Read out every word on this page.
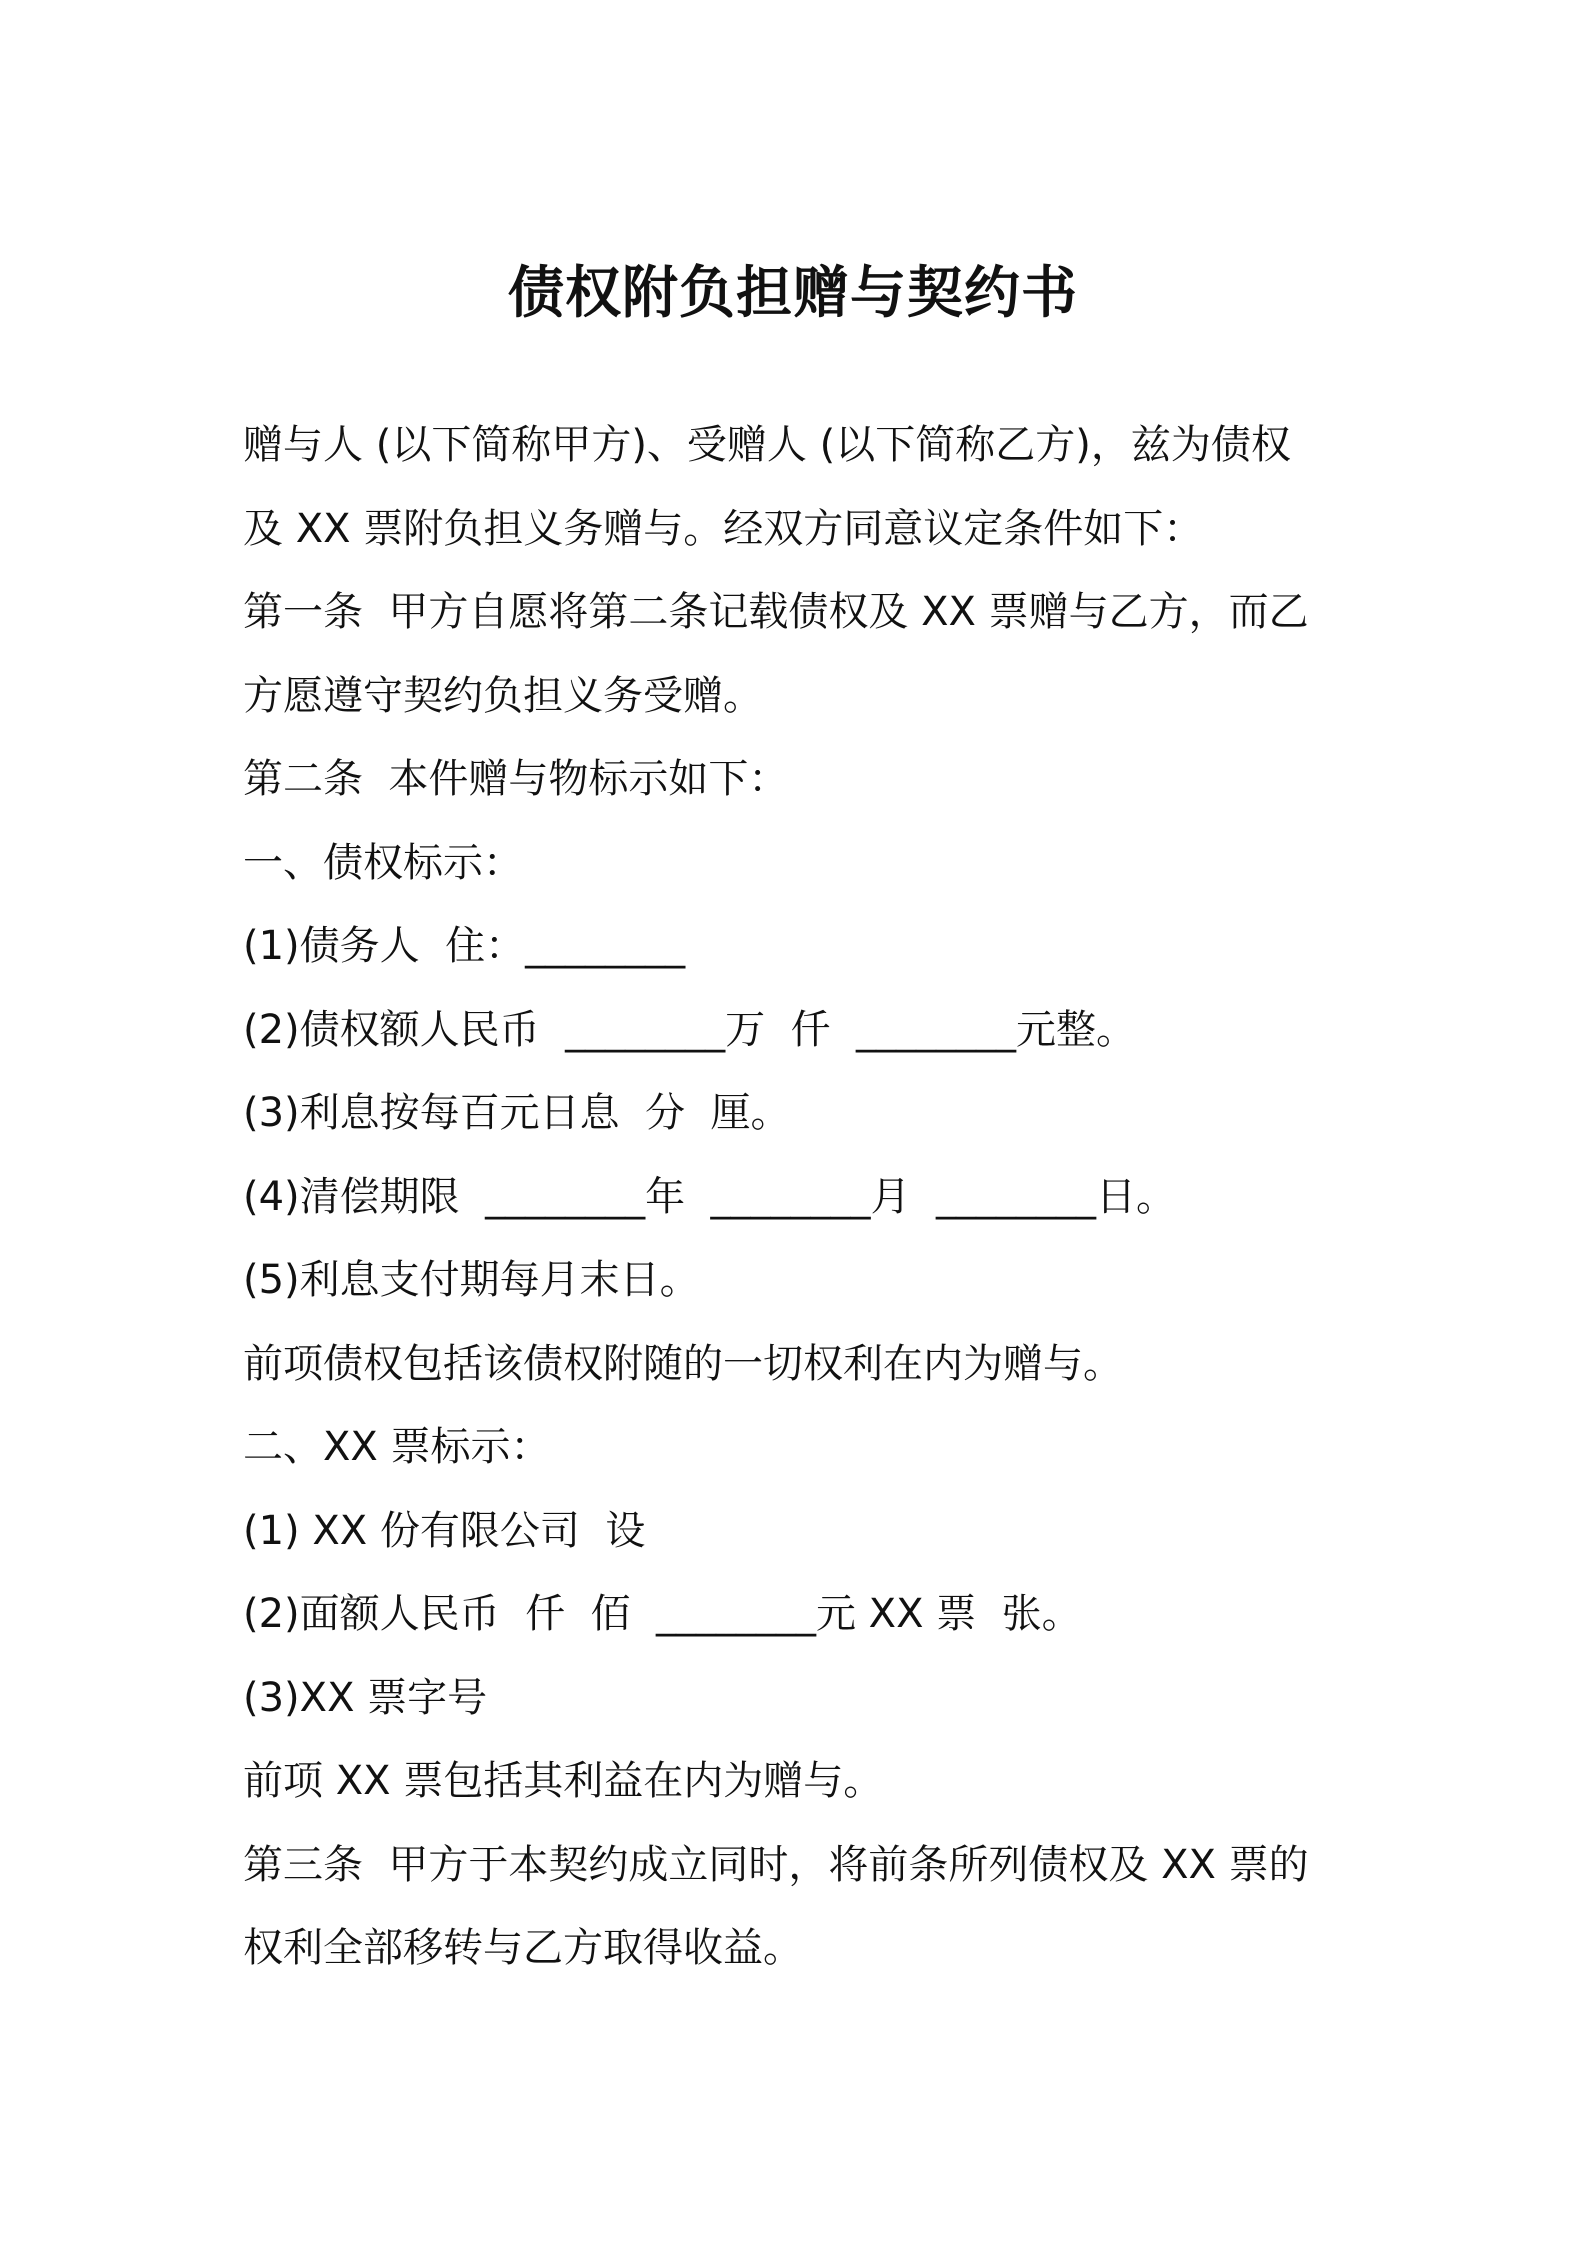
债权附负担赠与契约书
赠与人 (以下简称甲方)、受赠人 (以下简称乙方)，兹为债权
及 XX 票附负担义务赠与。经双方同意议定条件如下：
第一条  甲方自愿将第二条记载债权及 XX 票赠与乙方，而乙
方愿遵守契约负担义务受赠。
第二条  本件赠与物标示如下：
一、债权标示：
(1)债务人  住：________
(2)债权额人民币  ________万  仟  ________元整。
(3)利息按每百元日息  分  厘。
(4)清偿期限  ________年  ________月  ________日。
(5)利息支付期每月末日。
前项债权包括该债权附随的一切权利在内为赠与。
二、XX 票标示：
(1) XX 份有限公司  设
(2)面额人民币  仟  佰  ________元 XX 票  张。
(3)XX 票字号
前项 XX 票包括其利益在内为赠与。
第三条  甲方于本契约成立同时，将前条所列债权及 XX 票的
权利全部移转与乙方取得收益。
